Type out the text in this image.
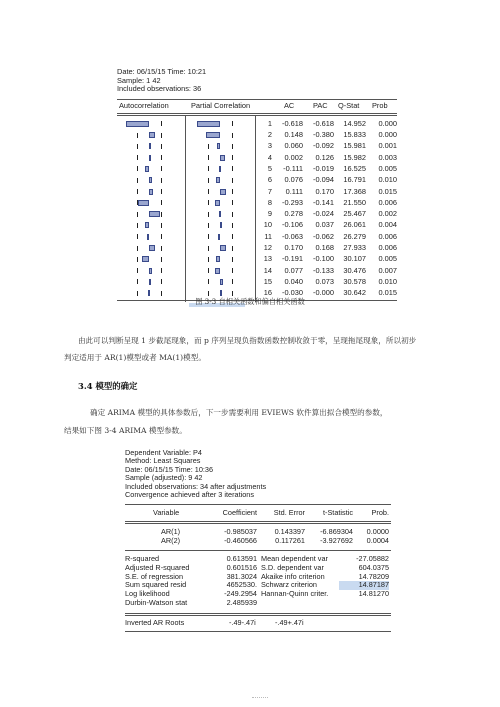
Date: 06/15/15 Time: 10:21
Sample: 1 42
Included observations: 36
Autocorrelation	Partial Correlation	AC	PAC Q-Stat Prob
1	-0.618	-0.618	14.952	0.000
2	0.148	-0.380	15.833	0.000
3	0.060	-0.092	15.981	0.001
4	0.002	0.126	15.982	0.003
5	-0.111	-0.019	16.525	0.005
6	0.076	-0.094	16.791	0.010
7	0.111	0.170	17.368	0.015
8	-0.293	-0.141	21.550	0.006
9	0.278	-0.024	25.467	0.002
10	-0.106	0.037	26.061	0.004
11	-0.063	-0.062	26.279	0.006
12	0.170	0.168	27.933	0.006
13	-0.191	-0.100	30.107	0.005
14	0.077	-0.133	30.476	0.007
15	0.040	0.073	30.578	0.010
16	-0.030	-0.000	30.642	0.015
图 3-3 自相关函数和偏自相关函数
由此可以判断呈现 1 步截尾现象，而 p 序列呈现负指数函数控制收敛于零，呈现拖尾现象，所以初步
判定适用于 AR(1)模型或者 MA(1)模型。
3.4 模型的确定
确定 ARIMA 模型的具体参数后，下一步需要利用 EVIEWS 软件算出拟合模型的参数，
结果如下图 3-4 ARIMA 模型参数。
Dependent Variable: P4
Method: Least Squares
Date: 06/15/15 Time: 10:36
Sample (adjusted): 9 42
Included observations: 34 after adjustments
Convergence achieved after 3 iterations
Variable	Coefficient	Std. Error	t-Statistic	Prob.
AR(1)	-0.985037	0.143397	-6.869304	0.0000
AR(2)	-0.460566	0.117261	-3.927692	0.0004
R-squared	0.613591 Mean dependent var	-27.05882
Adjusted R-squared	0.601516 S.D. dependent var	604.0375
S.E. of regression	381.3024 Akaike info criterion	14.78209
Sum squared resid	4652530. Schwarz criterion	14.87187
Log likelihood	-249.2954 Hannan-Quinn criter.	14.81270
Durbin-Watson stat	2.485939
Inverted AR Roots	-.49-.47i	-.49+.47i
